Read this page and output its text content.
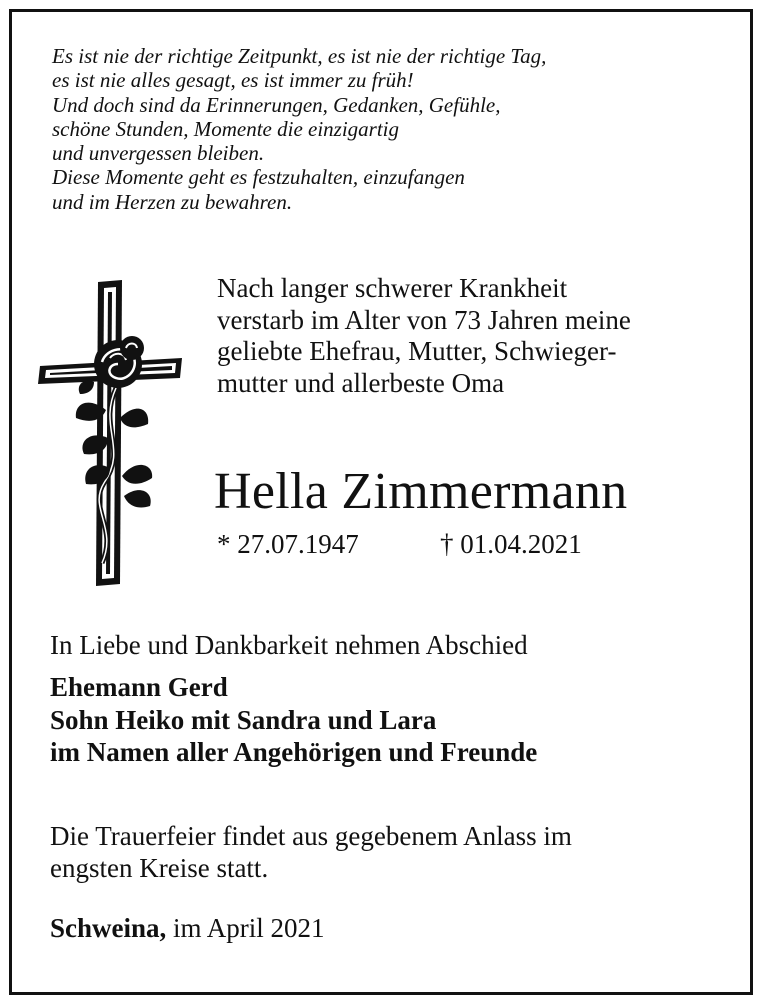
Es ist nie der richtige Zeitpunkt, es ist nie der richtige Tag,
es ist nie alles gesagt, es ist immer zu früh!
Und doch sind da Erinnerungen, Gedanken, Gefühle,
schöne Stunden, Momente die einzigartig
und unvergessen bleiben.
Diese Momente geht es festzuhalten, einzufangen
und im Herzen zu bewahren.
Nach langer schwerer Krankheit
verstarb im Alter von 73 Jahren meine
geliebte Ehefrau, Mutter, Schwieger-
mutter und allerbeste Oma
Hella Zimmermann
* 27.07.1947	† 01.04.2021
In Liebe und Dankbarkeit nehmen Abschied
Ehemann Gerd
Sohn Heiko mit Sandra und Lara
im Namen aller Angehörigen und Freunde
Die Trauerfeier findet aus gegebenem Anlass im
engsten Kreise statt.
Schweina, im April 2021
